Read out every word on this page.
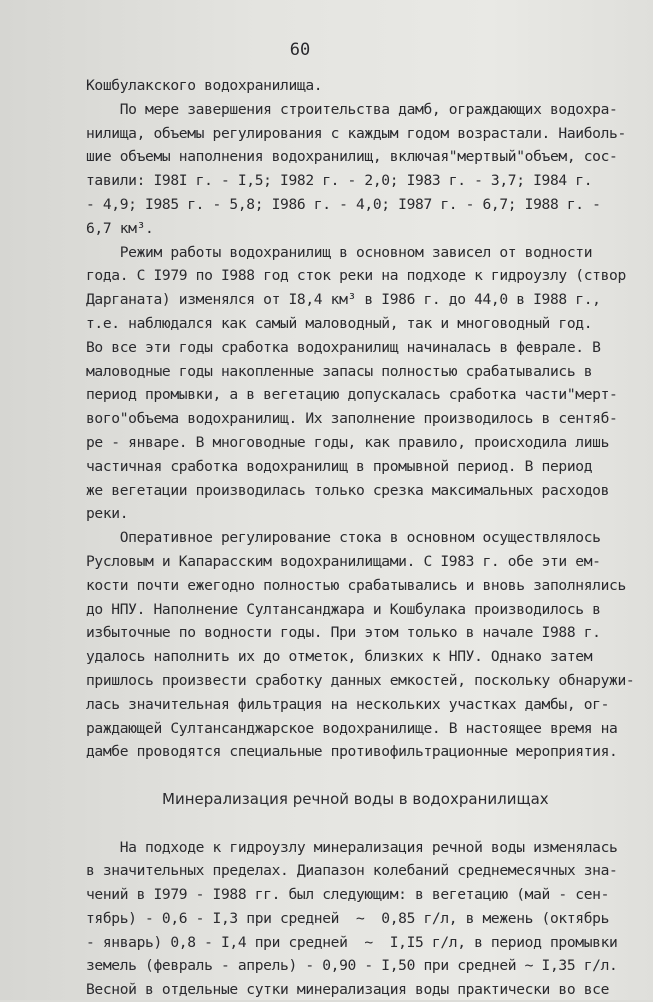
60
Кошбулакского водохранилища.
По мере завершения строительства дамб, ограждающих водохра-
нилища, объемы регулирования с каждым годом возрастали. Наиболь-
шие объемы наполнения водохранилищ, включая"мертвый"объем, сос-
тавили: I98I г. - I,5; I982 г. - 2,0; I983 г. - 3,7; I984 г.
- 4,9; I985 г. - 5,8; I986 г. - 4,0; I987 г. - 6,7; I988 г. -
6,7 км³.
Режим работы водохранилищ в основном зависел от водности
года. С I979 по I988 год сток реки на подходе к гидроузлу (створ
Дарганата) изменялся от I8,4 км³ в I986 г. до 44,0 в I988 г.,
т.е. наблюдался как самый маловодный, так и многоводный год.
Во все эти годы сработка водохранилищ начиналась в феврале. В
маловодные годы накопленные запасы полностью срабатывались в
период промывки, а в вегетацию допускалась сработка части"мерт-
вого"объема водохранилищ. Их заполнение производилось в сентяб-
ре - январе. В многоводные годы, как правило, происходила лишь
частичная сработка водохранилищ в промывной период. В период
же вегетации производилась только срезка максимальных расходов
реки.
Оперативное регулирование стока в основном осуществлялось
Русловым и Капарасским водохранилищами. С I983 г. обе эти ем-
кости почти ежегодно полностью срабатывались и вновь заполнялись
до НПУ. Наполнение Султансанджара и Кошбулака производилось в
избыточные по водности годы. При этом только в начале I988 г.
удалось наполнить их до отметок, близких к НПУ. Однако затем
пришлось произвести сработку данных емкостей, поскольку обнаружи-
лась значительная фильтрация на нескольких участках дамбы, ог-
раждающей Султансанджарское водохранилище. В настоящее время на
дамбе проводятся специальные противофильтрационные мероприятия.
Минерализация речной воды в водохранилищах
На подходе к гидроузлу минерализация речной воды изменялась
в значительных пределах. Диапазон колебаний среднемесячных зна-
чений в I979 - I988 гг. был следующим: в вегетацию (май - сен-
тябрь) - 0,6 - I,3 при средней  ~  0,85 г/л, в межень (октябрь
- январь) 0,8 - I,4 при средней  ~  I,I5 г/л, в период промывки
земель (февраль - апрель) - 0,90 - I,50 при средней ~ I,35 г/л.
Весной в отдельные сутки минерализация воды практически во все
